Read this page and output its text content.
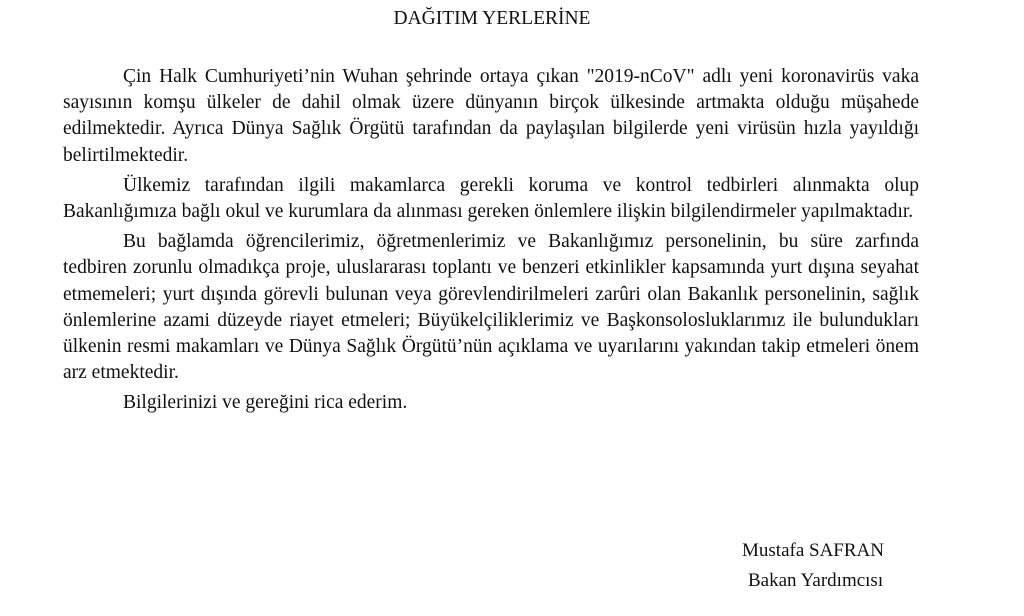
DAĞITIM YERLERİNE

Çin Halk Cumhuriyeti’nin Wuhan şehrinde ortaya çıkan "2019-nCoV" adlı yeni koronavirüs vaka sayısının komşu ülkeler de dahil olmak üzere dünyanın birçok ülkesinde artmakta olduğu müşahede edilmektedir. Ayrıca Dünya Sağlık Örgütü tarafından da paylaşılan bilgilerde yeni virüsün hızla yayıldığı belirtilmektedir.

Ülkemiz tarafından ilgili makamlarca gerekli koruma ve kontrol tedbirleri alınmakta olup Bakanlığımıza bağlı okul ve kurumlara da alınması gereken önlemlere ilişkin bilgilendirmeler yapılmaktadır.

Bu bağlamda öğrencilerimiz, öğretmenlerimiz ve Bakanlığımız personelinin, bu süre zarfında tedbiren zorunlu olmadıkça proje, uluslararası toplantı ve benzeri etkinlikler kapsamında yurt dışına seyahat etmemeleri; yurt dışında görevli bulunan veya görevlendirilmeleri zarûri olan Bakanlık personelinin, sağlık önlemlerine azami düzeyde riayet etmeleri; Büyükelçiliklerimiz ve Başkonsolosluklarımız ile bulundukları ülkenin resmi makamları ve Dünya Sağlık Örgütü’nün açıklama ve uyarılarını yakından takip etmeleri önem arz etmektedir.

Bilgilerinizi ve gereğini rica ederim.

Mustafa SAFRAN
Bakan Yardımcısı
